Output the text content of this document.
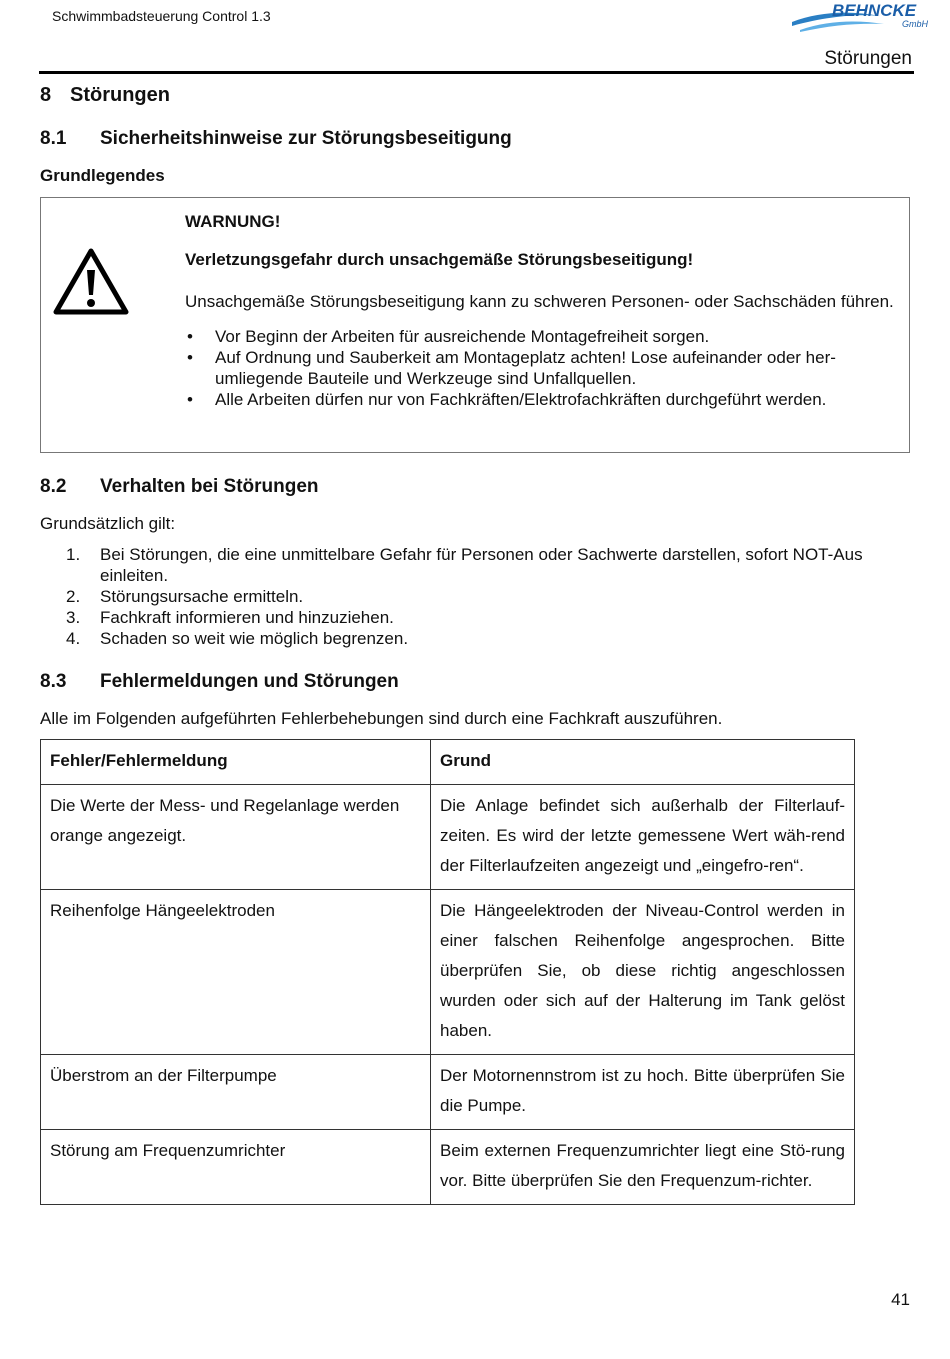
Schwimmbadsteuerung Control 1.3	BEHNCKE
GmbH
Störungen
8 Störungen
8.1 Sicherheitshinweise zur Störungsbeseitigung
Grundlegendes
WARNUNG!
Verletzungsgefahr durch unsachgemäße Störungsbeseitigung!
Unsachgemäße Störungsbeseitigung kann zu schweren Personen- oder Sachschäden führen.
• Vor Beginn der Arbeiten für ausreichende Montagefreiheit sorgen.
• Auf Ordnung und Sauberkeit am Montageplatz achten! Lose aufeinander oder her-umliegende Bauteile und Werkzeuge sind Unfallquellen.
• Alle Arbeiten dürfen nur von Fachkräften/Elektrofachkräften durchgeführt werden.
8.2 Verhalten bei Störungen
Grundsätzlich gilt:
1. Bei Störungen, die eine unmittelbare Gefahr für Personen oder Sachwerte darstellen, sofort NOT-Aus einleiten.
2. Störungsursache ermitteln.
3. Fachkraft informieren und hinzuziehen.
4. Schaden so weit wie möglich begrenzen.
8.3 Fehlermeldungen und Störungen
Alle im Folgenden aufgeführten Fehlerbehebungen sind durch eine Fachkraft auszuführen.
Fehler/Fehlermeldung	Grund
Die Werte der Mess- und Regelanlage werden orange angezeigt.	Die Anlage befindet sich außerhalb der Filterlauf-zeiten. Es wird der letzte gemessene Wert wäh-rend der Filterlaufzeiten angezeigt und „eingefro-ren“.
Reihenfolge Hängeelektroden	Die Hängeelektroden der Niveau-Control werden in einer falschen Reihenfolge angesprochen. Bitte überprüfen Sie, ob diese richtig angeschlossen wurden oder sich auf der Halterung im Tank gelöst haben.
Überstrom an der Filterpumpe	Der Motornennstrom ist zu hoch. Bitte überprüfen Sie die Pumpe.
Störung am Frequenzumrichter	Beim externen Frequenzumrichter liegt eine Stö-rung vor. Bitte überprüfen Sie den Frequenzum-richter.
41
